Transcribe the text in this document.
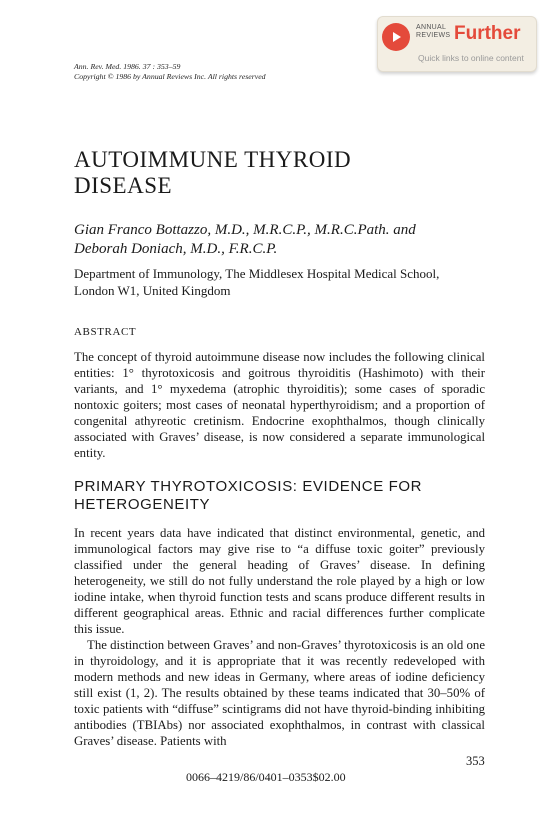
ANNUAL
REVIEWS Further
Quick links to online content
Ann. Rev. Med. 1986. 37 : 353–59
Copyright © 1986 by Annual Reviews Inc. All rights reserved
AUTOIMMUNE THYROID
DISEASE

Gian Franco Bottazzo, M.D., M.R.C.P., M.R.C.Path. and
Deborah Doniach, M.D., F.R.C.P.

Department of Immunology, The Middlesex Hospital Medical School,
London W1, United Kingdom

ABSTRACT

The concept of thyroid autoimmune disease now includes the following clinical entities: 1° thyrotoxicosis and goitrous thyroiditis (Hashimoto) with their variants, and 1° myxedema (atrophic thyroiditis); some cases of sporadic nontoxic goiters; most cases of neonatal hyperthyroidism; and a proportion of congenital athyreotic cretinism. Endocrine exophthalmos, though clinically associated with Graves’ disease, is now considered a separate immunological entity.

PRIMARY THYROTOXICOSIS: EVIDENCE FOR
HETEROGENEITY

In recent years data have indicated that distinct environmental, genetic, and immunological factors may give rise to “a diffuse toxic goiter” previously classified under the general heading of Graves’ disease. In defining heterogeneity, we still do not fully understand the role played by a high or low iodine intake, when thyroid function tests and scans produce different results in different geographical areas. Ethnic and racial differences further complicate this issue.

The distinction between Graves’ and non-Graves’ thyrotoxicosis is an old one in thyroidology, and it is appropriate that it was recently redeveloped with modern methods and new ideas in Germany, where areas of iodine deficiency still exist (1, 2). The results obtained by these teams indicated that 30–50% of toxic patients with “diffuse” scintigrams did not have thyroid-binding inhibiting antibodies (TBIAbs) nor associated exophthalmos, in contrast with classical Graves’ disease. Patients with

353
0066–4219/86/0401–0353$02.00
